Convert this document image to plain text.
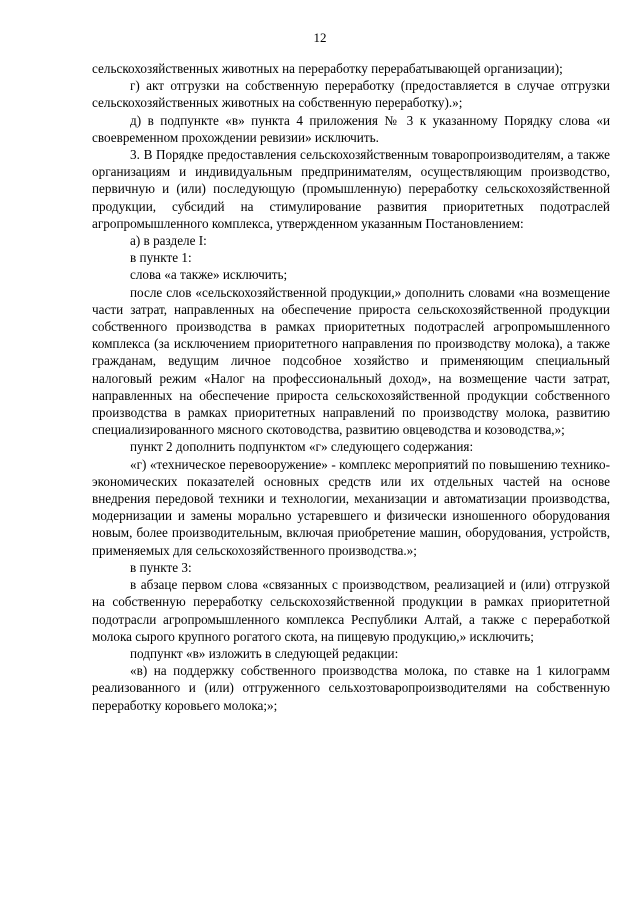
12

сельскохозяйственных животных на переработку перерабатывающей организации);

г) акт отгрузки на собственную переработку (предоставляется в случае отгрузки сельскохозяйственных животных на собственную переработку).»;

д) в подпункте «в» пункта 4 приложения № 3 к указанному Порядку слова «и своевременном прохождении ревизии» исключить.

3. В Порядке предоставления сельскохозяйственным товаропроизводителям, а также организациям и индивидуальным предпринимателям, осуществляющим производство, первичную и (или) последующую (промышленную) переработку сельскохозяйственной продукции, субсидий на стимулирование развития приоритетных подотраслей агропромышленного комплекса, утвержденном указанным Постановлением:

а) в разделе I:

в пункте 1:

слова «а также» исключить;

после слов «сельскохозяйственной продукции,» дополнить словами «на возмещение части затрат, направленных на обеспечение прироста сельскохозяйственной продукции собственного производства в рамках приоритетных подотраслей агропромышленного комплекса (за исключением приоритетного направления по производству молока), а также гражданам, ведущим личное подсобное хозяйство и применяющим специальный налоговый режим «Налог на профессиональный доход», на возмещение части затрат, направленных на обеспечение прироста сельскохозяйственной продукции собственного производства в рамках приоритетных направлений по производству молока, развитию специализированного мясного скотоводства, развитию овцеводства и козоводства,»;

пункт 2 дополнить подпунктом «г» следующего содержания:

«г) «техническое перевооружение» - комплекс мероприятий по повышению технико-экономических показателей основных средств или их отдельных частей на основе внедрения передовой техники и технологии, механизации и автоматизации производства, модернизации и замены морально устаревшего и физически изношенного оборудования новым, более производительным, включая приобретение машин, оборудования, устройств, применяемых для сельскохозяйственного производства.»;

в пункте 3:

в абзаце первом слова «связанных с производством, реализацией и (или) отгрузкой на собственную переработку сельскохозяйственной продукции в рамках приоритетной подотрасли агропромышленного комплекса Республики Алтай, а также с переработкой молока сырого крупного рогатого скота, на пищевую продукцию,» исключить;

подпункт «в» изложить в следующей редакции:

«в) на поддержку собственного производства молока, по ставке на 1 килограмм реализованного и (или) отгруженного сельхозтоваропроизводителями на собственную переработку коровьего молока;»;
